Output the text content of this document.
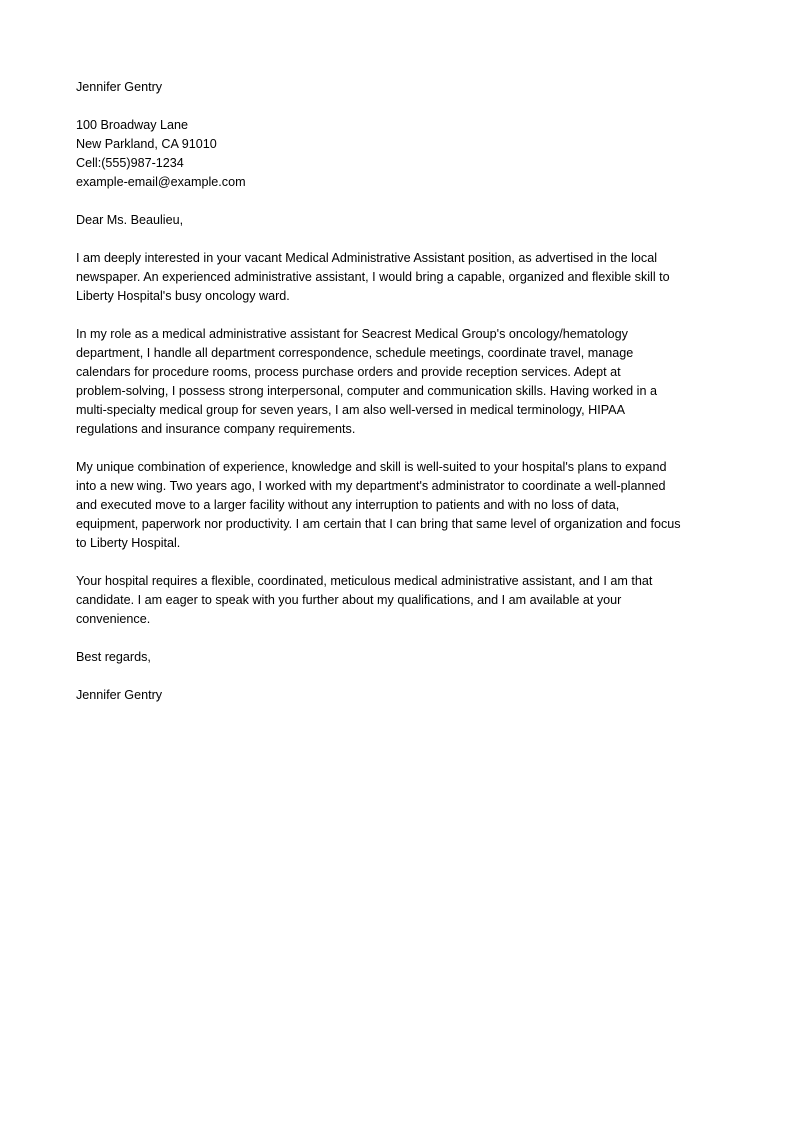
Jennifer Gentry
100 Broadway Lane
New Parkland, CA 91010
Cell:(555)987-1234
example-email@example.com
Dear Ms. Beaulieu,
I am deeply interested in your vacant Medical Administrative Assistant position, as advertised in the local
newspaper. An experienced administrative assistant, I would bring a capable, organized and flexible skill to
Liberty Hospital's busy oncology ward.
In my role as a medical administrative assistant for Seacrest Medical Group's oncology/hematology
department, I handle all department correspondence, schedule meetings, coordinate travel, manage
calendars for procedure rooms, process purchase orders and provide reception services. Adept at
problem-solving, I possess strong interpersonal, computer and communication skills. Having worked in a
multi-specialty medical group for seven years, I am also well-versed in medical terminology, HIPAA
regulations and insurance company requirements.
My unique combination of experience, knowledge and skill is well-suited to your hospital's plans to expand
into a new wing. Two years ago, I worked with my department's administrator to coordinate a well-planned
and executed move to a larger facility without any interruption to patients and with no loss of data,
equipment, paperwork nor productivity. I am certain that I can bring that same level of organization and focus
to Liberty Hospital.
Your hospital requires a flexible, coordinated, meticulous medical administrative assistant, and I am that
candidate. I am eager to speak with you further about my qualifications, and I am available at your
convenience.
Best regards,
Jennifer Gentry
